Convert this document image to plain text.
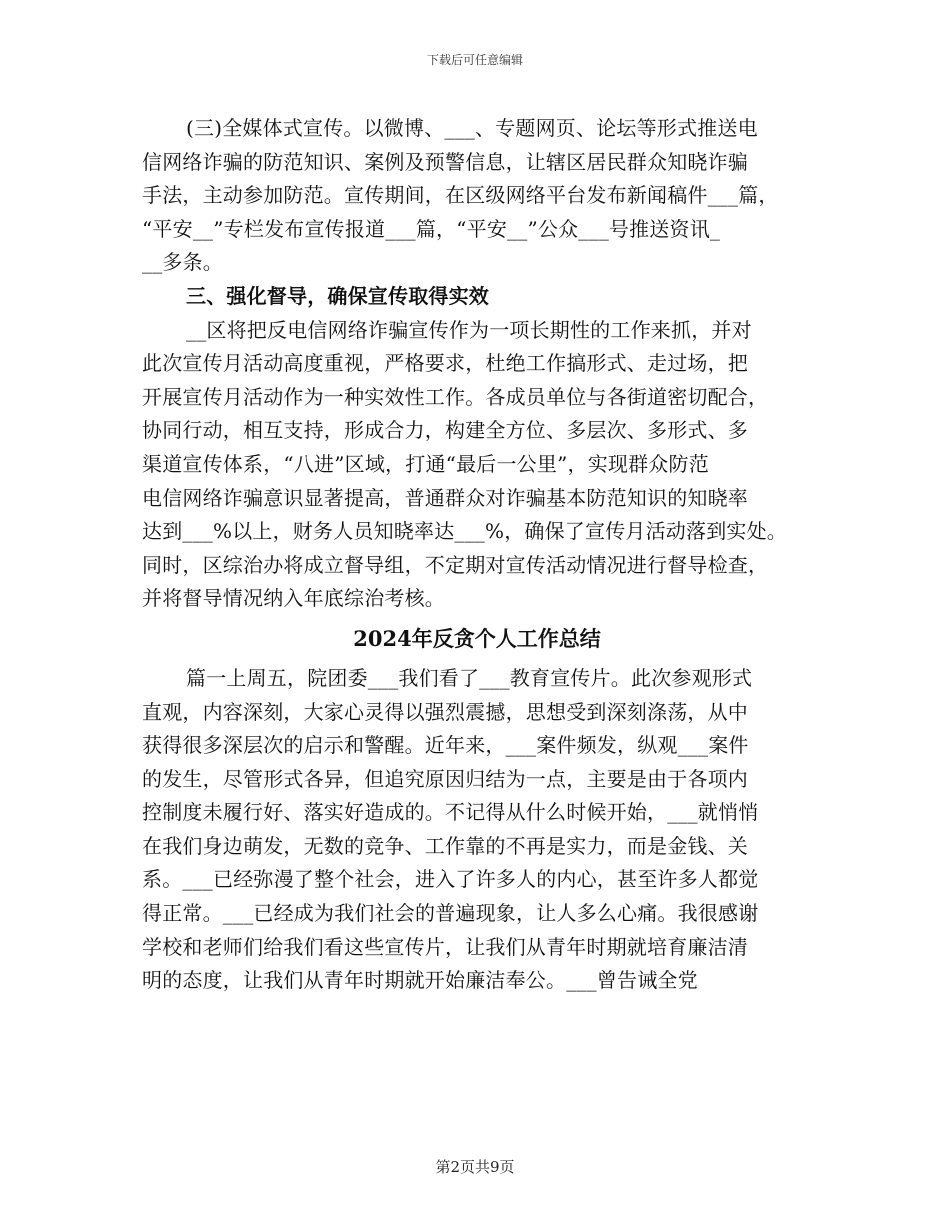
下载后可任意编辑
(三)全媒体式宣传。以微博、___、专题网页、论坛等形式推送电
信网络诈骗的防范知识、案例及预警信息，让辖区居民群众知晓诈骗
手法，主动参加防范。宣传期间，在区级网络平台发布新闻稿件___篇，
“平安__”专栏发布宣传报道___篇，“平安__”公众___号推送资讯_
__多条。
三、强化督导，确保宣传取得实效
__区将把反电信网络诈骗宣传作为一项长期性的工作来抓，并对
此次宣传月活动高度重视，严格要求，杜绝工作搞形式、走过场，把
开展宣传月活动作为一种实效性工作。各成员单位与各街道密切配合，
协同行动，相互支持，形成合力，构建全方位、多层次、多形式、多
渠道宣传体系，“八进”区域，打通“最后一公里”，实现群众防范
电信网络诈骗意识显著提高，普通群众对诈骗基本防范知识的知晓率
达到___%以上，财务人员知晓率达___%，确保了宣传月活动落到实处。
同时，区综治办将成立督导组，不定期对宣传活动情况进行督导检查，
并将督导情况纳入年底综治考核。
2024年反贪个人工作总结
篇一上周五，院团委___我们看了___教育宣传片。此次参观形式
直观，内容深刻，大家心灵得以强烈震撼，思想受到深刻涤荡，从中
获得很多深层次的启示和警醒。近年来，___案件频发，纵观___案件
的发生，尽管形式各异，但追究原因归结为一点，主要是由于各项内
控制度未履行好、落实好造成的。不记得从什么时候开始，___就悄悄
在我们身边萌发，无数的竞争、工作靠的不再是实力，而是金钱、关
系。___已经弥漫了整个社会，进入了许多人的内心，甚至许多人都觉
得正常。___已经成为我们社会的普遍现象，让人多么心痛。我很感谢
学校和老师们给我们看这些宣传片，让我们从青年时期就培育廉洁清
明的态度，让我们从青年时期就开始廉洁奉公。___曾告诫全党
第2页共9页
